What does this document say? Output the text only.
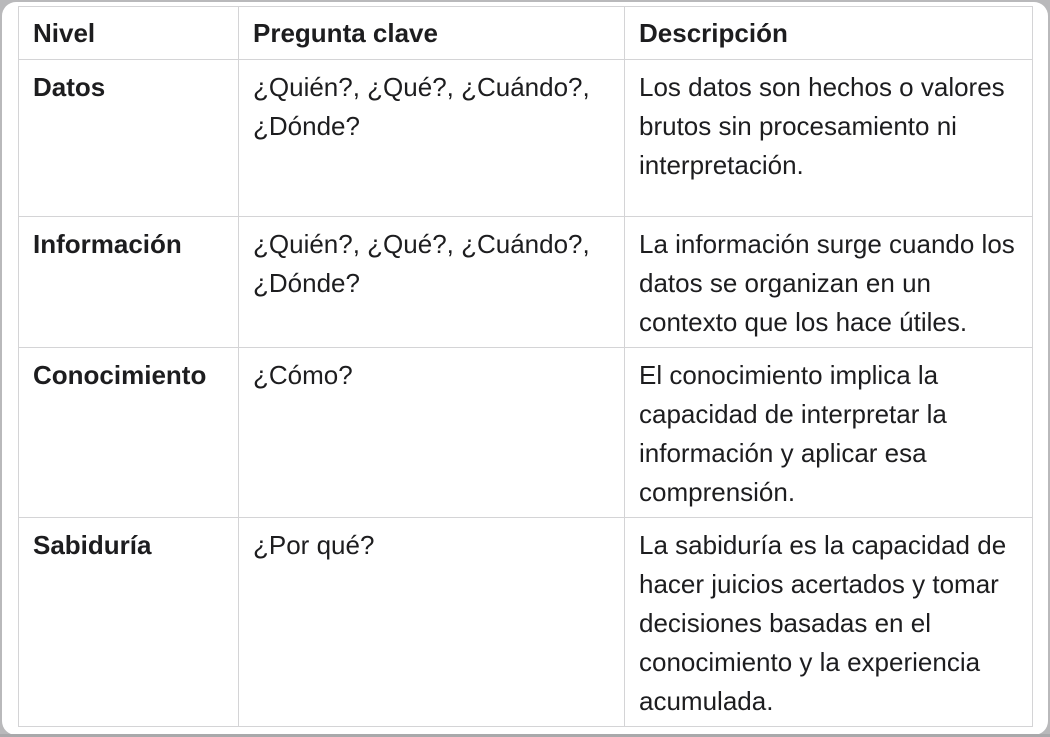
Nivel	Pregunta clave	Descripción
Datos	¿Quién?, ¿Qué?, ¿Cuándo?, ¿Dónde?	Los datos son hechos o valores brutos sin procesamiento ni interpretación.
Información	¿Quién?, ¿Qué?, ¿Cuándo?, ¿Dónde?	La información surge cuando los datos se organizan en un contexto que los hace útiles.
Conocimiento	¿Cómo?	El conocimiento implica la capacidad de interpretar la información y aplicar esa comprensión.
Sabiduría	¿Por qué?	La sabiduría es la capacidad de hacer juicios acertados y tomar decisiones basadas en el conocimiento y la experiencia acumulada.
